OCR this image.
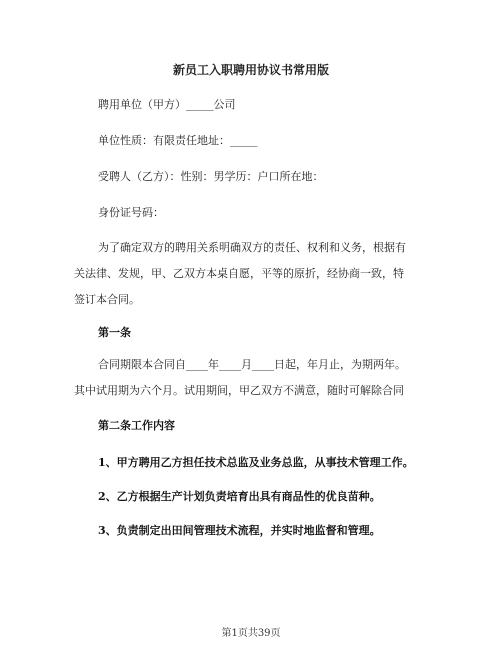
新员工入职聘用协议书常用版
聘用单位（甲方）_____公司
单位性质：有限责任地址：_____
受聘人（乙方）：性别：男学历：户口所在地：
身份证号码：
为了确定双方的聘用关系明确双方的责任、权利和义务，根据有
关法律、发规，甲、乙双方本桌自愿，平等的原折，经协商一致，特
签订本合同。
第一条
合同期限本合同自____年____月____日起，年月止，为期两年。
其中试用期为六个月。试用期间，甲乙双方不满意，随时可解除合同
第二条工作内容
1、甲方聘用乙方担任技术总监及业务总监，从事技术管理工作。
2、乙方根据生产计划负责培育出具有商品性的优良苗种。
3、负责制定出田间管理技术流程，并实时地监督和管理。
第1页共39页
